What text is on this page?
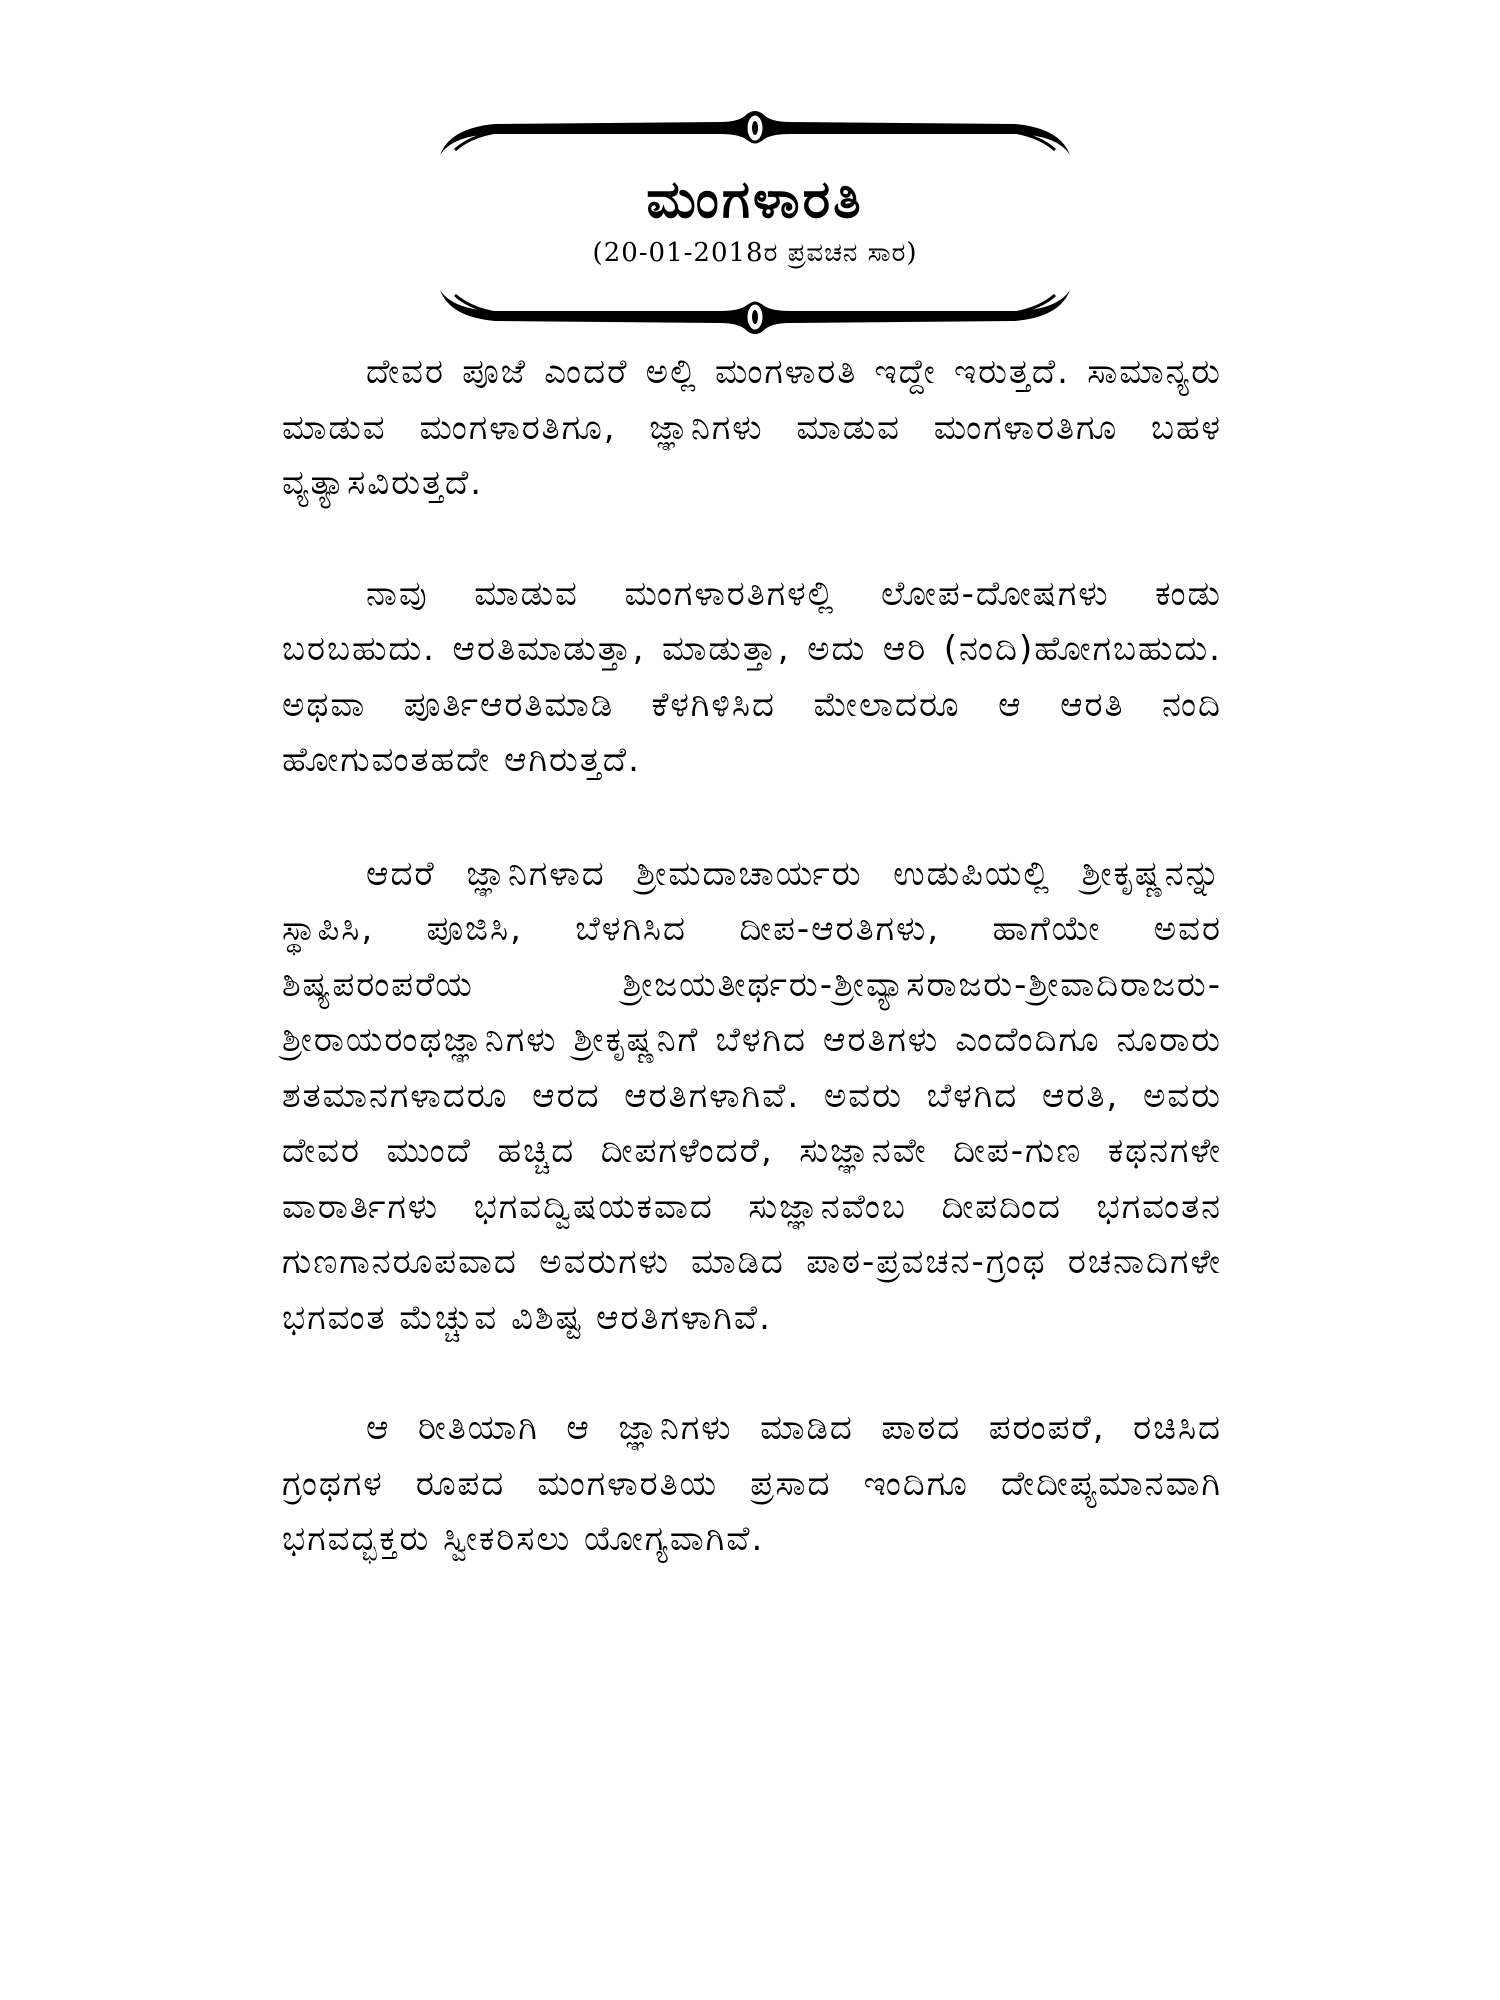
ಮಂಗಳಾರತಿ
(20-01-2018ರ ಪ್ರವಚನ ಸಾರ)

ದೇವರ ಪೂಜೆ ಎಂದರೆ ಅಲ್ಲಿ ಮಂಗಳಾರತಿ ಇದ್ದೇ ಇರುತ್ತದೆ. ಸಾಮಾನ್ಯರು ಮಾಡುವ ಮಂಗಳಾರತಿಗೂ, ಜ್ಞಾನಿಗಳು ಮಾಡುವ ಮಂಗಳಾರತಿಗೂ ಬಹಳ ವ್ಯತ್ಯಾಸವಿರುತ್ತದೆ.

ನಾವು ಮಾಡುವ ಮಂಗಳಾರತಿಗಳಲ್ಲಿ ಲೋಪ-ದೋಷಗಳು ಕಂಡು ಬರಬಹುದು. ಆರತಿಮಾಡುತ್ತಾ, ಮಾಡುತ್ತಾ, ಅದು ಆರಿ (ನಂದಿ)ಹೋಗಬಹುದು. ಅಥವಾ ಪೂರ್ತಿಆರತಿಮಾಡಿ ಕೆಳಗಿಳಿಸಿದ ಮೇಲಾದರೂ ಆ ಆರತಿ ನಂದಿ ಹೋಗುವಂತಹದೇ ಆಗಿರುತ್ತದೆ.

ಆದರೆ ಜ್ಞಾನಿಗಳಾದ ಶ್ರೀಮದಾಚಾರ್ಯರು ಉಡುಪಿಯಲ್ಲಿ ಶ್ರೀಕೃಷ್ಣನನ್ನು ಸ್ಥಾಪಿಸಿ, ಪೂಜಿಸಿ, ಬೆಳಗಿಸಿದ ದೀಪ-ಆರತಿಗಳು, ಹಾಗೆಯೇ ಅವರ ಶಿಷ್ಯಪರಂಪರೆಯ ಶ್ರೀಜಯತೀರ್ಥರು-ಶ್ರೀವ್ಯಾಸರಾಜರು-ಶ್ರೀವಾದಿರಾಜರು-ಶ್ರೀರಾಯರಂಥಜ್ಞಾನಿಗಳು ಶ್ರೀಕೃಷ್ಣನಿಗೆ ಬೆಳಗಿದ ಆರತಿಗಳು ಎಂದೆಂದಿಗೂ ನೂರಾರು ಶತಮಾನಗಳಾದರೂ ಆರದ ಆರತಿಗಳಾಗಿವೆ. ಅವರು ಬೆಳಗಿದ ಆರತಿ, ಅವರು ದೇವರ ಮುಂದೆ ಹಚ್ಚಿದ ದೀಪಗಳೆಂದರೆ, ಸುಜ್ಞಾನವೇ ದೀಪ-ಗುಣ ಕಥನಗಳೇ ವಾರಾರ್ತಿಗಳು ಭಗವದ್ವಿಷಯಕವಾದ ಸುಜ್ಞಾನವೆಂಬ ದೀಪದಿಂದ ಭಗವಂತನ ಗುಣಗಾನರೂಪವಾದ ಅವರುಗಳು ಮಾಡಿದ ಪಾಠ-ಪ್ರವಚನ-ಗ್ರಂಥ ರಚನಾದಿಗಳೇ ಭಗವಂತ ಮೆಚ್ಚುವ ವಿಶಿಷ್ಟ ಆರತಿಗಳಾಗಿವೆ.

ಆ ರೀತಿಯಾಗಿ ಆ ಜ್ಞಾನಿಗಳು ಮಾಡಿದ ಪಾಠದ ಪರಂಪರೆ, ರಚಿಸಿದ ಗ್ರಂಥಗಳ ರೂಪದ ಮಂಗಳಾರತಿಯ ಪ್ರಸಾದ ಇಂದಿಗೂ ದೇದೀಪ್ಯಮಾನವಾಗಿ ಭಗವದ್ಭಕ್ತರು ಸ್ವೀಕರಿಸಲು ಯೋಗ್ಯವಾಗಿವೆ.
